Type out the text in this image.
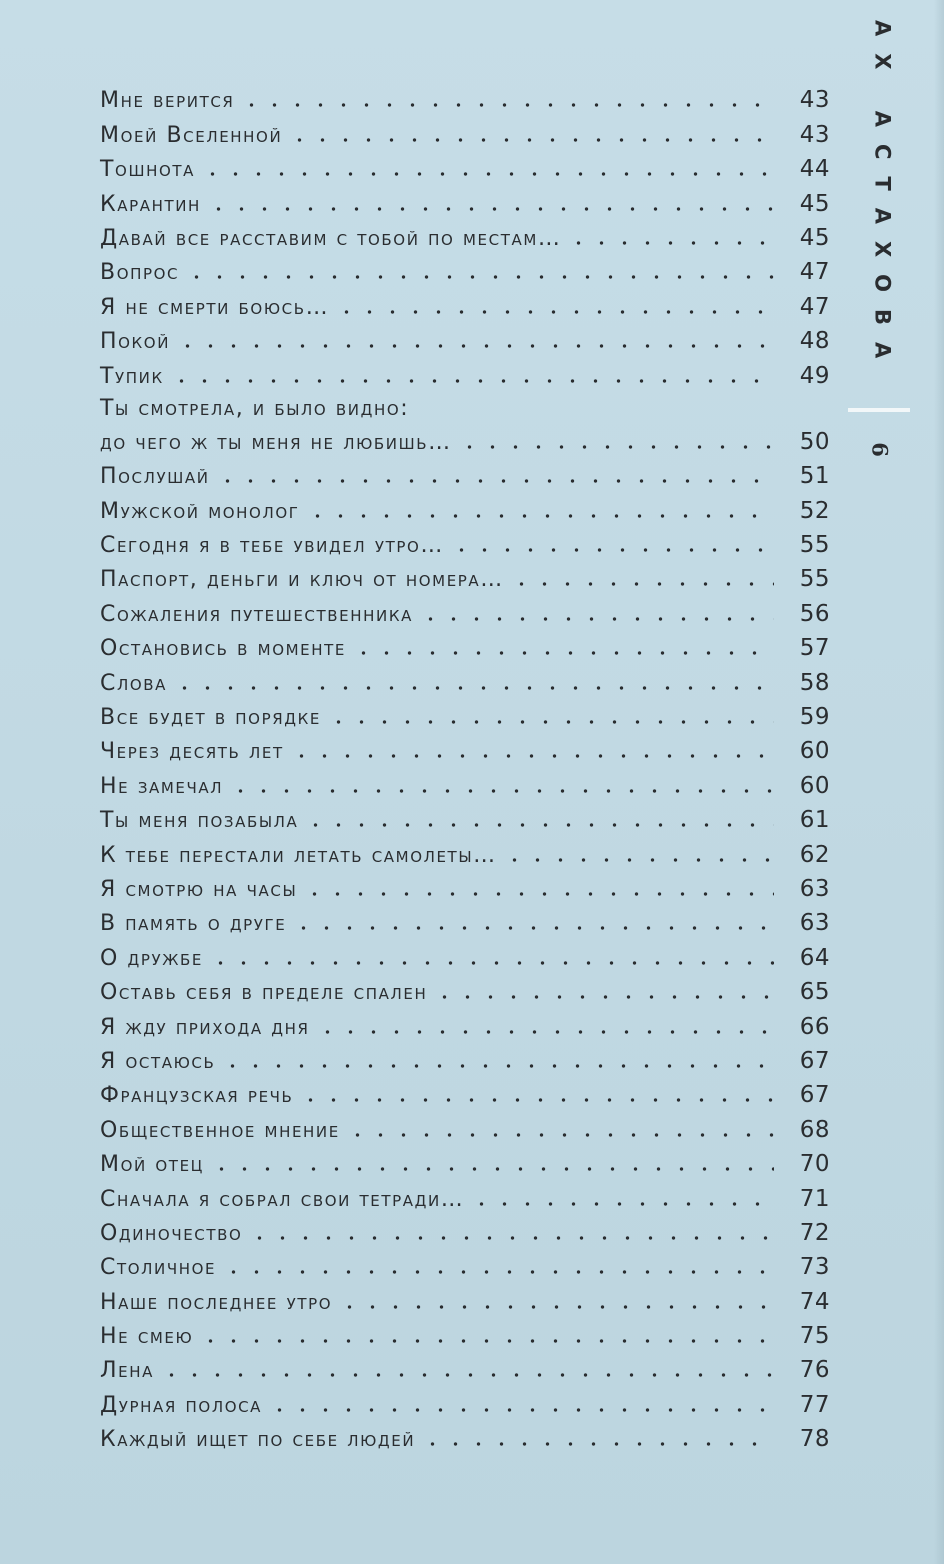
Мне верится	43
Моей Вселенной	43
Тошнота	44
Карантин	45
Давай все расставим с тобой по местам…	45
Вопрос	47
Я не смерти боюсь…	47
Покой	48
Тупик	49
Ты смотрела, и было видно:
до чего ж ты меня не любишь…	50
Послушай	51
Мужской монолог	52
Сегодня я в тебе увидел утро…	55
Паспорт, деньги и ключ от номера…	55
Сожаления путешественника	56
Остановись в моменте	57
Слова	58
Все будет в порядке	59
Через десять лет	60
Не замечал	60
Ты меня позабыла	61
К тебе перестали летать самолеты…	62
Я смотрю на часы	63
В память о друге	63
О дружбе	64
Оставь себя в пределе спален	65
Я жду прихода дня	66
Я остаюсь	67
Французская речь	67
Общественное мнение	68
Мой отец	70
Сначала я собрал свои тетради…	71
Одиночество	72
Столичное	73
Наше последнее утро	74
Не смею	75
Лена	76
Дурная полоса	77
Каждый ищет по себе людей	78
АХ АСТАХОВА
6
